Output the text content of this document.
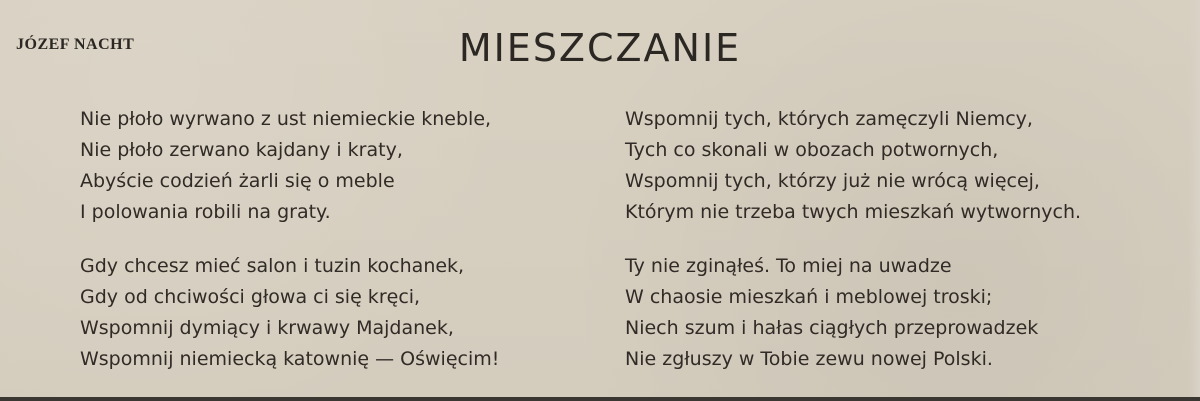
JÓZEF NACHT	MIESZCZANIE
Nie płoło wyrwano z ust niemieckie kneble,
Nie płoło zerwano kajdany i kraty,
Abyście codzień żarli się o meble
I polowania robili na graty.
Gdy chcesz mieć salon i tuzin kochanek,
Gdy od chciwości głowa ci się kręci,
Wspomnij dymiący i krwawy Majdanek,
Wspomnij niemiecką katownię — Oświęcim!
Wspomnij tych, których zamęczyli Niemcy,
Tych co skonali w obozach potwornych,
Wspomnij tych, którzy już nie wrócą więcej,
Którym nie trzeba twych mieszkań wytwornych.
Ty nie zginąłeś. To miej na uwadze
W chaosie mieszkań i meblowej troski;
Niech szum i hałas ciągłych przeprowadzek
Nie zgłuszy w Tobie zewu nowej Polski.
